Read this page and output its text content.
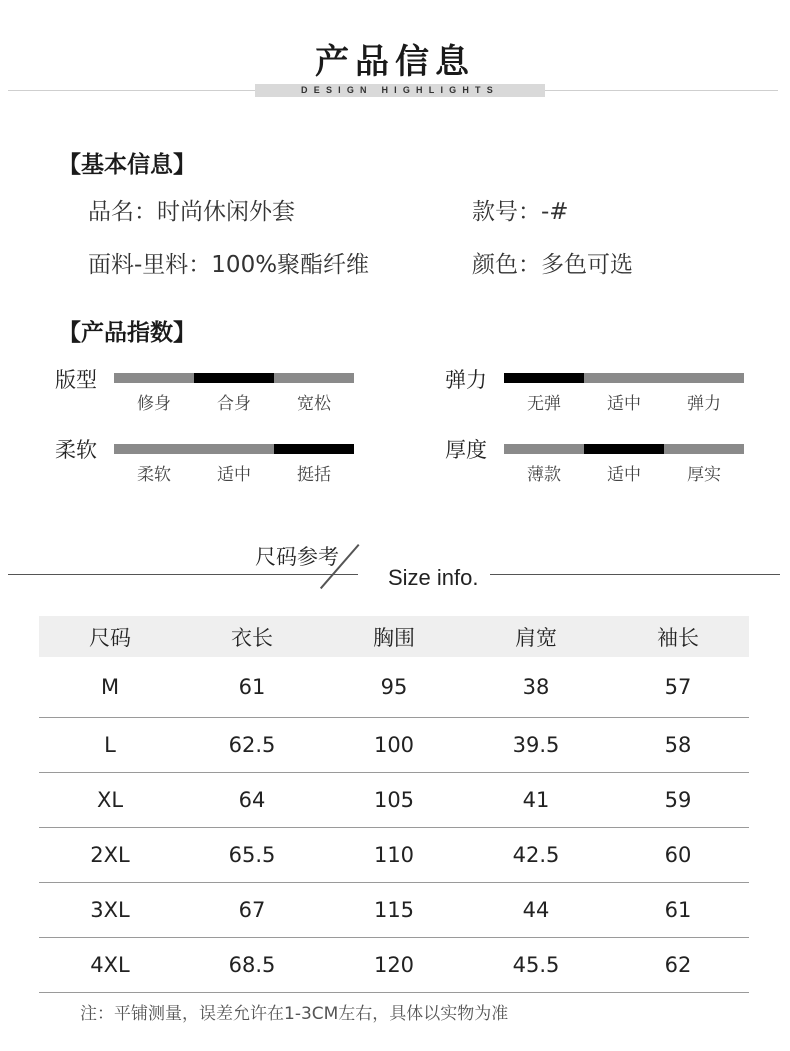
产品信息
DESIGN HIGHLIGHTS
【基本信息】
品名：时尚休闲外套	款号：-#
面料-里料：100%聚酯纤维	颜色：多色可选
【产品指数】
版型
修身	合身	宽松
弹力
无弹	适中	弹力
柔软
柔软	适中	挺括
厚度
薄款	适中	厚实
尺码参考
Size info.
尺码	衣长	胸围	肩宽	袖长
M	61	95	38	57
L	62.5	100	39.5	58
XL	64	105	41	59
2XL	65.5	110	42.5	60
3XL	67	115	44	61
4XL	68.5	120	45.5	62
注：平铺测量，误差允许在1-3CM左右，具体以实物为准
